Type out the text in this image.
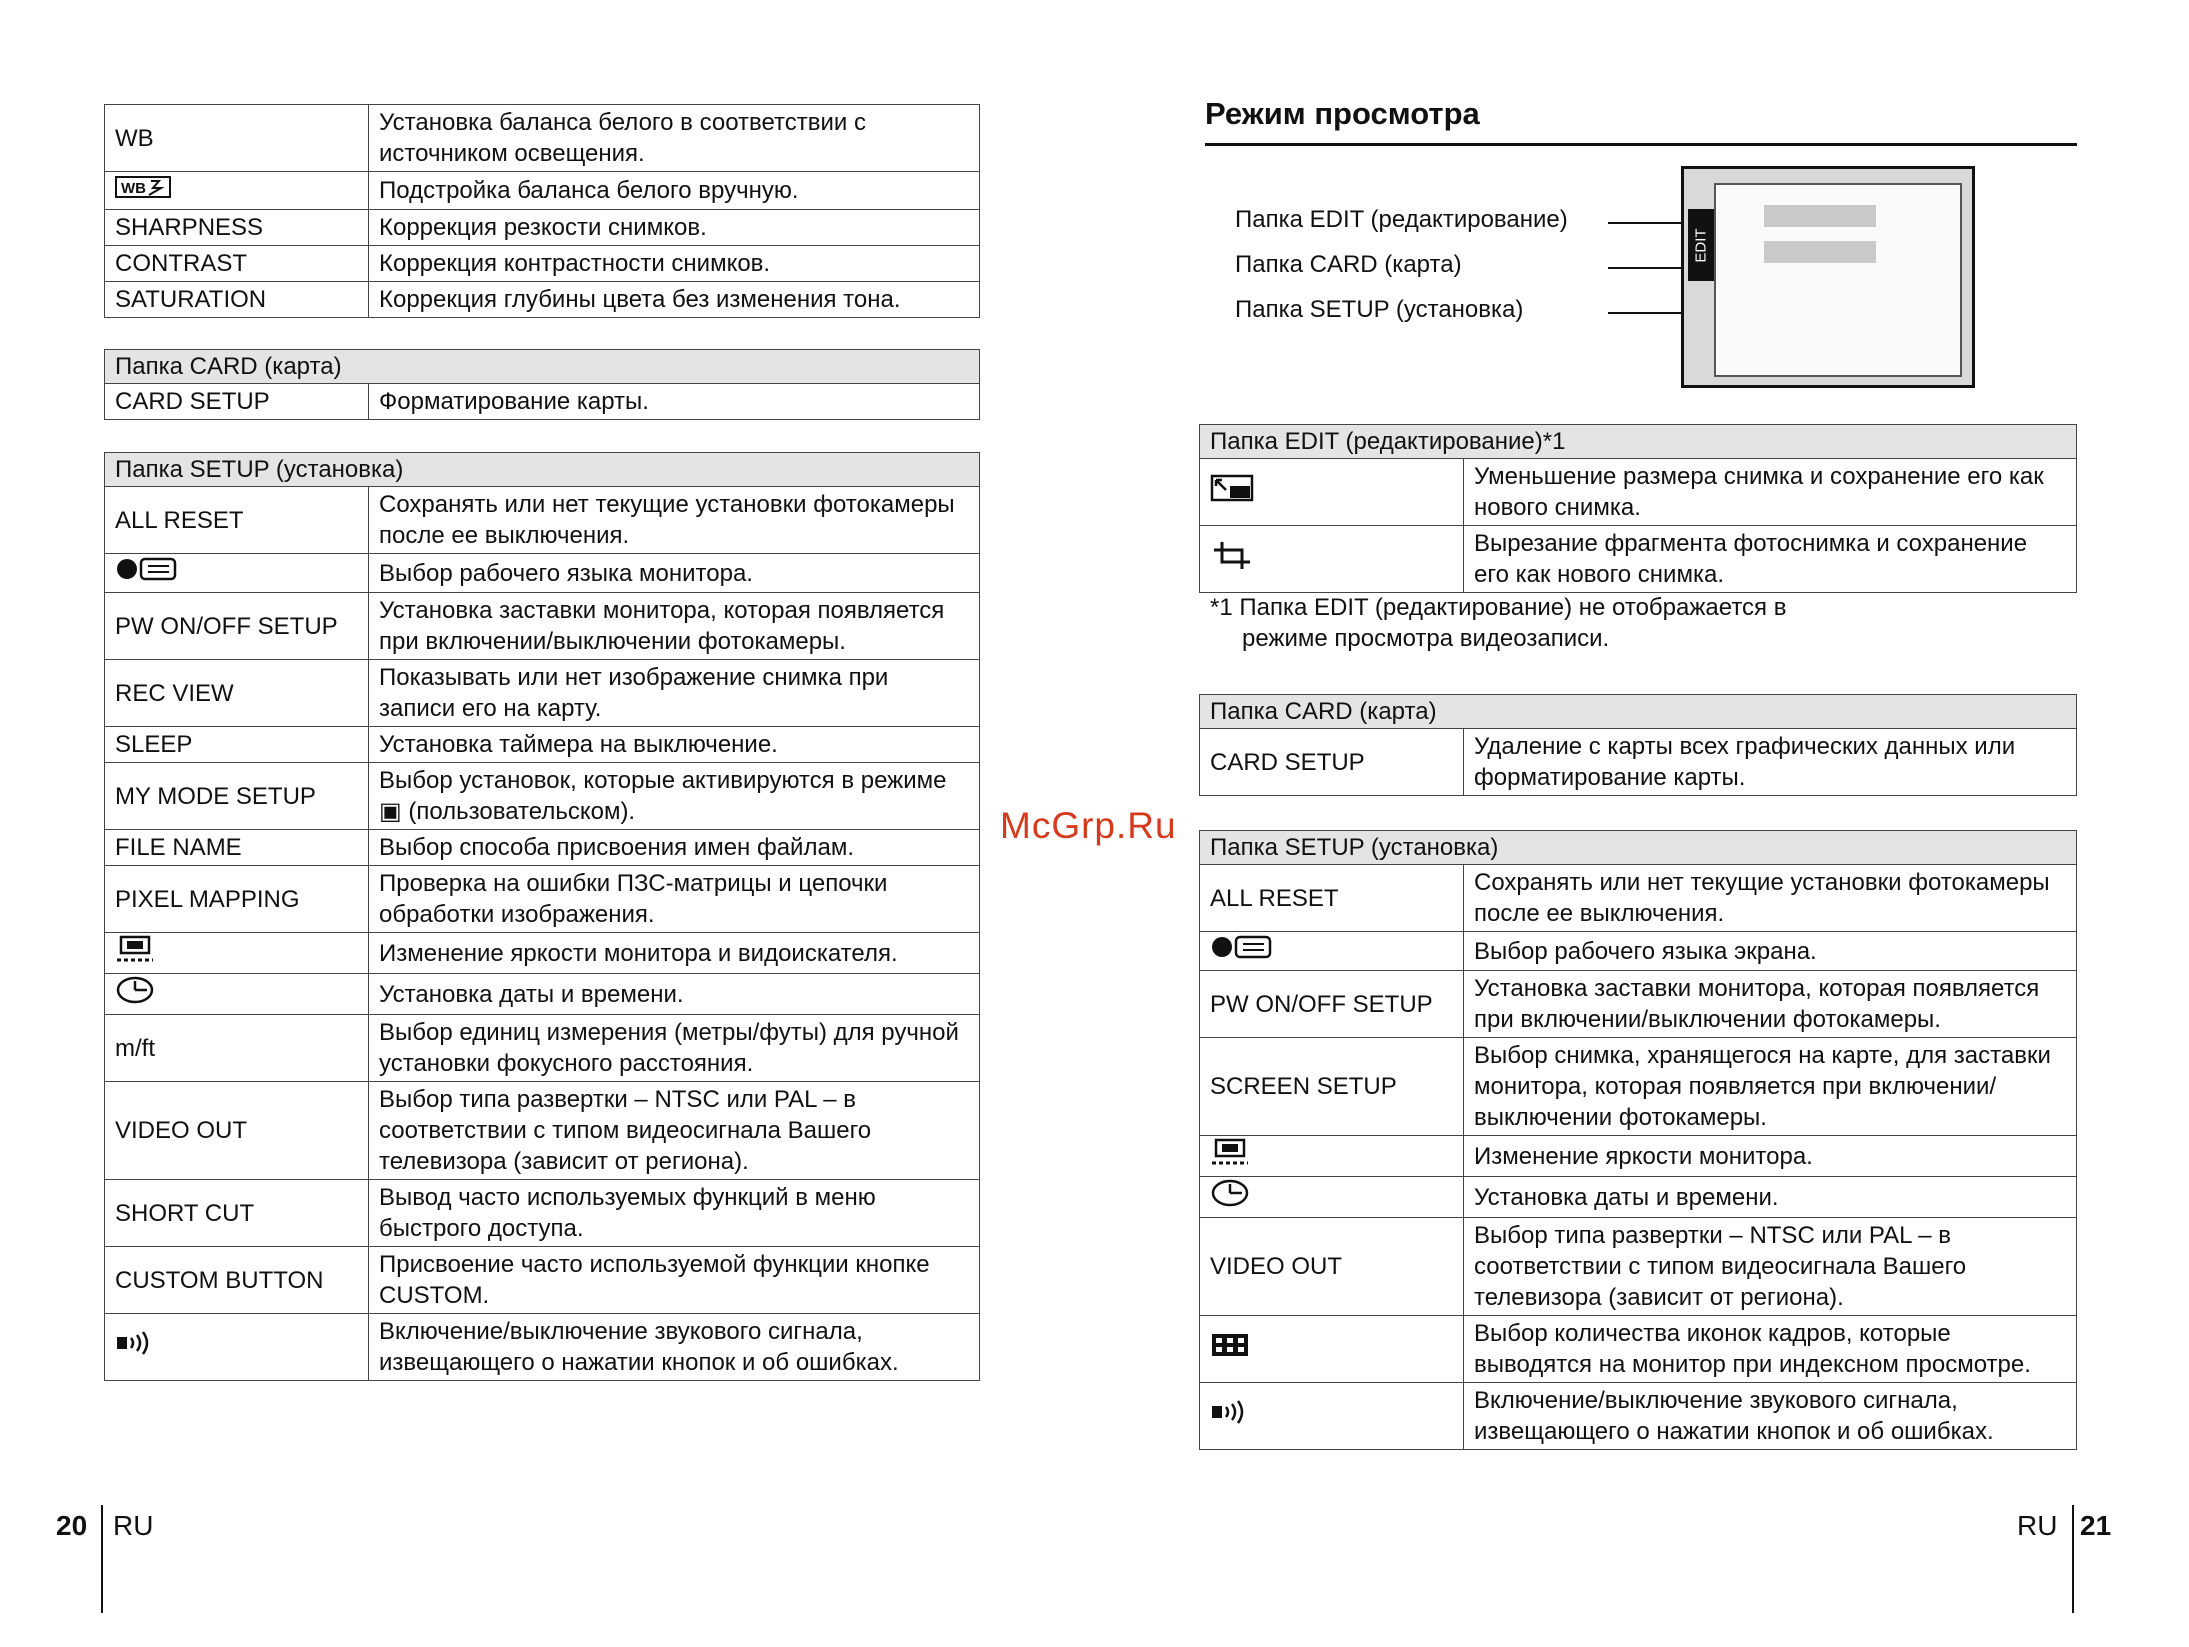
WB	Установка баланса белого в соответствии с источником освещения.

WB	Подстройка баланса белого вручную.
SHARPNESS	Коррекция резкости снимков.
CONTRAST	Коррекция контрастности снимков.
SATURATION	Коррекция глубины цвета без изменения тона.
Папка CARD (карта)
CARD SETUP	Форматирование карты.
Папка SETUP (установка)	
ALL RESET	Сохранять или нет текущие установки фотокамеры после ее выключения.
	Выбор рабочего языка монитора.
PW ON/OFF SETUP	Установка заставки монитора, которая появляется при включении/выключении фотокамеры.
REC VIEW	Показывать или нет изображение снимка при записи его на карту.
SLEEP	Установка таймера на выключение.
MY MODE SETUP	Выбор установок, которые активируются в режиме ▣ (пользовательском).
FILE NAME	Выбор способа присвоения имен файлам.
PIXEL MAPPING	Проверка на ошибки ПЗС-матрицы и цепочки обработки изображения.
	Изменение яркости монитора и видоискателя.
	Установка даты и времени.
m/ft	Выбор единиц измерения (метры/футы) для ручной установки фокусного расстояния.
VIDEO OUT	Выбор типа развертки – NTSC или PAL – в соответствии с типом видеосигнала Вашего телевизора (зависит от региона).
SHORT CUT	Вывод часто используемых функций в меню быстрого доступа.
CUSTOM BUTTON	Присвоение часто используемой функции кнопке CUSTOM.
	Включение/выключение звукового сигнала, извещающего о нажатии кнопок и об ошибках.
20 RU
Режим просмотра
Папка EDIT (редактирование)
Папка CARD (карта)
Папка SETUP (установка)
EDIT
Папка EDIT (редактирование)*1	
	Уменьшение размера снимка и сохранение его как нового снимка.
	Вырезание фрагмента фотоснимка и сохранение его как нового снимка.
*1 Папка EDIT (редактирование) не отображается в
режиме просмотра видеозаписи.
Папка CARD (карта)
CARD SETUP	Удаление с карты всех графических данных или форматирование карты.
Папка SETUP (установка)	
ALL RESET	Сохранять или нет текущие установки фотокамеры после ее выключения.
	Выбор рабочего языка экрана.
PW ON/OFF SETUP	Установка заставки монитора, которая появляется при включении/выключении фотокамеры.
SCREEN SETUP	Выбор снимка, хранящегося на карте, для заставки монитора, которая появляется при включении/выключении фотокамеры.
	Изменение яркости монитора.
	Установка даты и времени.
VIDEO OUT	Выбор типа развертки – NTSC или PAL – в соответствии с типом видеосигнала Вашего телевизора (зависит от региона).
	Выбор количества иконок кадров, которые выводятся на монитор при индексном просмотре.
	Включение/выключение звукового сигнала, извещающего о нажатии кнопок и об ошибках.
McGrp.Ru
RU 21
